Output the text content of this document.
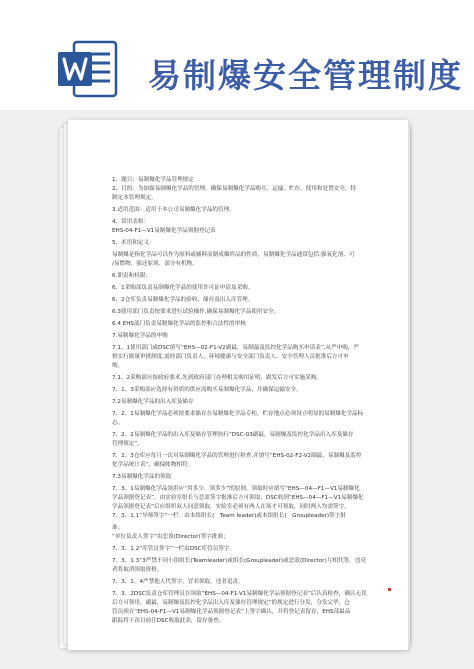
易制爆安全管理制度
1、题目：易制爆化学品管理规定
2、目的：为加强易制爆化学品的管理，确保易制爆化学品购买、运输、贮存、使用和处置安全，特
制定本管理规定。
3.适用范围：适用于本公司易制爆化学品的管理。
4、常用表格：
EHS-04-F1—V1易制爆化学品领据登记表
5、术语和定义：
易制爆是指化学品可以作为原料或辅料而制成爆炸品的性质，易制爆化学品通常包括:强氧化剂、可
/易燃物、强还原剂、部分有机物。
6.职责和权限：
6、1采购部负责易制爆化学品的使用许可证申请及采购。
6、2仓库负责易制爆化学品的验收、储存及出入库管理。
6.3使用部门负责按要求进行试验操作,确保易制爆化学品使用安全。
6.4 EHS部门负责易制爆化学品的监控和合法性的审核
7.易制爆化学品的申购
7.1、1使用部门或DSC填写“EHS—02-F1-V2副最，易制最及监控化学品购买申请表”,从严申购，严
格实行据量审批制度,需经部门负责人、环境健康与安全部门负责人、安全管理人员批准后方可申
购。
7.1、2采购部应按政府要求,先到政府部门办理相关购用证明，跟发后方可实施采购。
7、1、3采购部应选择有资质的供应商购买易制爆化学品，并确保运输安全。
7.2易制爆化学品的出入库及储存
7、2、1易制爆化学品必须按要求储存在易制爆化学品专柜，贮存地点必须设立明显的易制爆化学品标
志。
7、2、2易制爆化学品的出入库及储存管理执行“DSC-03副最，易制爆及监控化学品出入库及储存
管理规定”。
7、2、3仓库应每月一次对易制爆化学品的管理进行检查,并填写“EHS-02-F2-V2副最，易制爆及监控
化学品统计表”，确保帐物相符。
7.3易制爆化学品的领取
7、3、1易制爆化学品领用应“用多少，领多少”的原则，领取时应填写“EHS—04—F1—V1易制爆化
学品领据登记表”，由实验室组长与恋盈签字批准后方可领取，DSC收到“EHS—04—F1—V1易制爆化
学品领据登记表”后应组织双人同意领取，实验室必须有两人在场才可领取，同时两人均需签字。
7、3、1.1“导师签字”一栏：由本组组长(　Team leader)或本组组长(　Groupleader)签字批
准；
“单位负责人签字”由恋盈(Director)签字批准；
7、3、1.2“库管员签字”一栏由DSC库管员签字。
7、3、1.3“3严禁不同小组组长(Teamleader)或组长(Groupleader)或恋盈(Director)互相代签，违反
者将取消领取资格。
7、3、1、4严禁他人代签字，冒名领取，违者追责。
7、3、2DSC负责仓库管理员在领取“EHS—04-F1-V1易制爆化学品领据登记表”后认真检查，确认无误
后方可领用，副最，易制爆及监控化学品出入库及储存管理规定”的规定进行分发，分发完毕，仓
管员须在“EHS-04-F1—V1易制爆化学品领据登记表”上签字确认，并将登记表留存，EHS部最品
跟踪将于次日前往DSC收取此表，留存备查。
